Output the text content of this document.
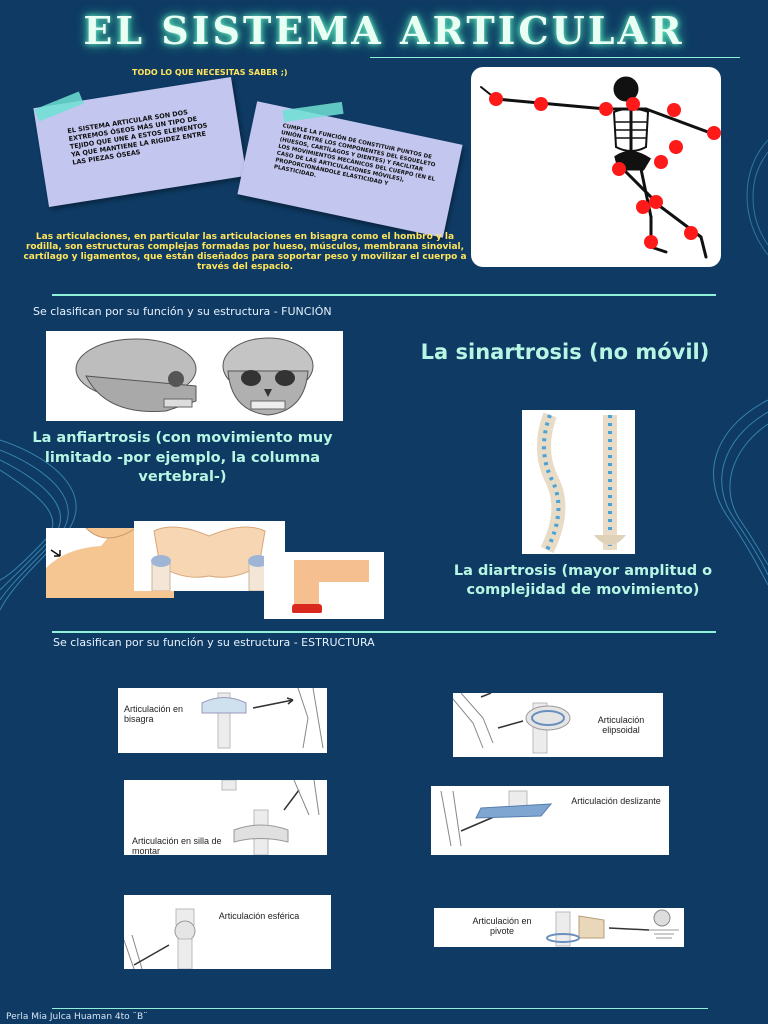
EL SISTEMA ARTICULAR
TODO LO QUE NECESITAS SABER ;)
EL SISTEMA ARTICULAR SON DOS EXTREMOS ÓSEOS MÁS UN TIPO DE TEJIDO QUE UNE A ESTOS ELEMENTOS YA QUE MANTIENE LA RIGIDEZ ENTRE LAS PIEZAS ÓSEAS	CUMPLE LA FUNCIÓN DE CONSTITUIR PUNTOS DE UNIÓN ENTRE LOS COMPONENTES DEL ESQUELETO (HUESOS, CARTÍLAGOS Y DIENTES) Y FACILITAR LOS MOVIMIENTOS MECÁNICOS DEL CUERPO (EN EL CASO DE LAS ARTICULACIONES MÓVILES), PROPORCIONÁNDOLE ELASTICIDAD Y PLASTICIDAD.
Las articulaciones, en particular las articulaciones en bisagra como el hombro y la rodilla, son estructuras complejas formadas por hueso, músculos, membrana sinovial, cartílago y ligamentos, que están diseñados para soportar peso y movilizar el cuerpo a través del espacio.
Se clasifican por su función y su estructura - FUNCIÓN
La sinartrosis (no móvil)
La anfiartrosis (con movimiento muy limitado -por ejemplo, la columna vertebral-)
La diartrosis (mayor amplitud o complejidad de movimiento)
Se clasifican por su función y su estructura - ESTRUCTURA
Articulación en bisagra	Articulación elipsoidal
Articulación en silla de montar
Articulación deslizante
Articulación esférica	Articulación en pivote
Perla Mia Julca Huaman 4to ¨B¨
